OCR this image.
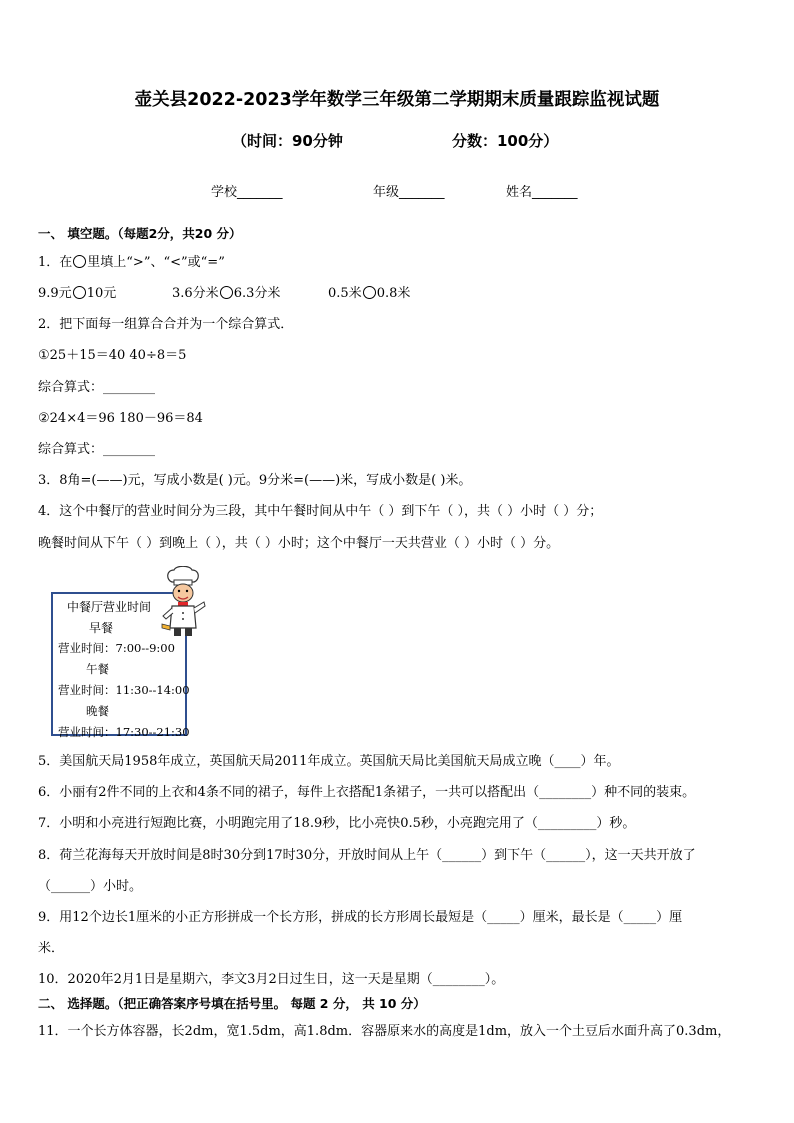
壶关县2022-2023学年数学三年级第二学期期末质量跟踪监视试题
（时间：90分钟	分数：100分）
学校_______	年级_______	姓名_______
一、 填空题。（每题2分，共20 分）
1．在 里填上“>”、“<”或“=”
9.9元 10元	3.6分米 6.3分米	0.5米 0.8米
2．把下面每一组算合合并为一个综合算式．
①25＋15＝40 40÷8＝5
综合算式：________
②24×4＝96 180－96＝84
综合算式：________
3．8角=(——)元，写成小数是( )元。9分米=(——)米，写成小数是( )米。
4．这个中餐厅的营业时间分为三段，其中午餐时间从中午（ ）到下午（ ），共（ ）小时（ ）分；
晚餐时间从下午（ ）到晚上（ ），共（ ）小时；这个中餐厅一天共营业（ ）小时（ ）分。
中餐厅营业时间
早餐
营业时间：7:00--9:00
午餐
营业时间：11:30--14:00
晚餐
营业时间：17:30--21:30
5．美国航天局1958年成立，英国航天局2011年成立。英国航天局比美国航天局成立晚（____）年。
6．小丽有2件不同的上衣和4条不同的裙子，每件上衣搭配1条裙子，一共可以搭配出（________）种不同的装束。
7．小明和小亮进行短跑比赛，小明跑完用了18.9秒，比小亮快0.5秒，小亮跑完用了（_________）秒。
8．荷兰花海每天开放时间是8时30分到17时30分，开放时间从上午（______）到下午（______），这一天共开放了
（______）小时。
9．用12个边长1厘米的小正方形拼成一个长方形，拼成的长方形周长最短是（_____）厘米，最长是（_____）厘
米．
10．2020年2月1日是星期六，李文3月2日过生日，这一天是星期（________）。
二、 选择题。（把正确答案序号填在括号里。 每题 2 分， 共 10 分）
11．一个长方体容器，长2dm，宽1.5dm，高1.8dm．容器原来水的高度是1dm，放入一个土豆后水面升高了0.3dm，
